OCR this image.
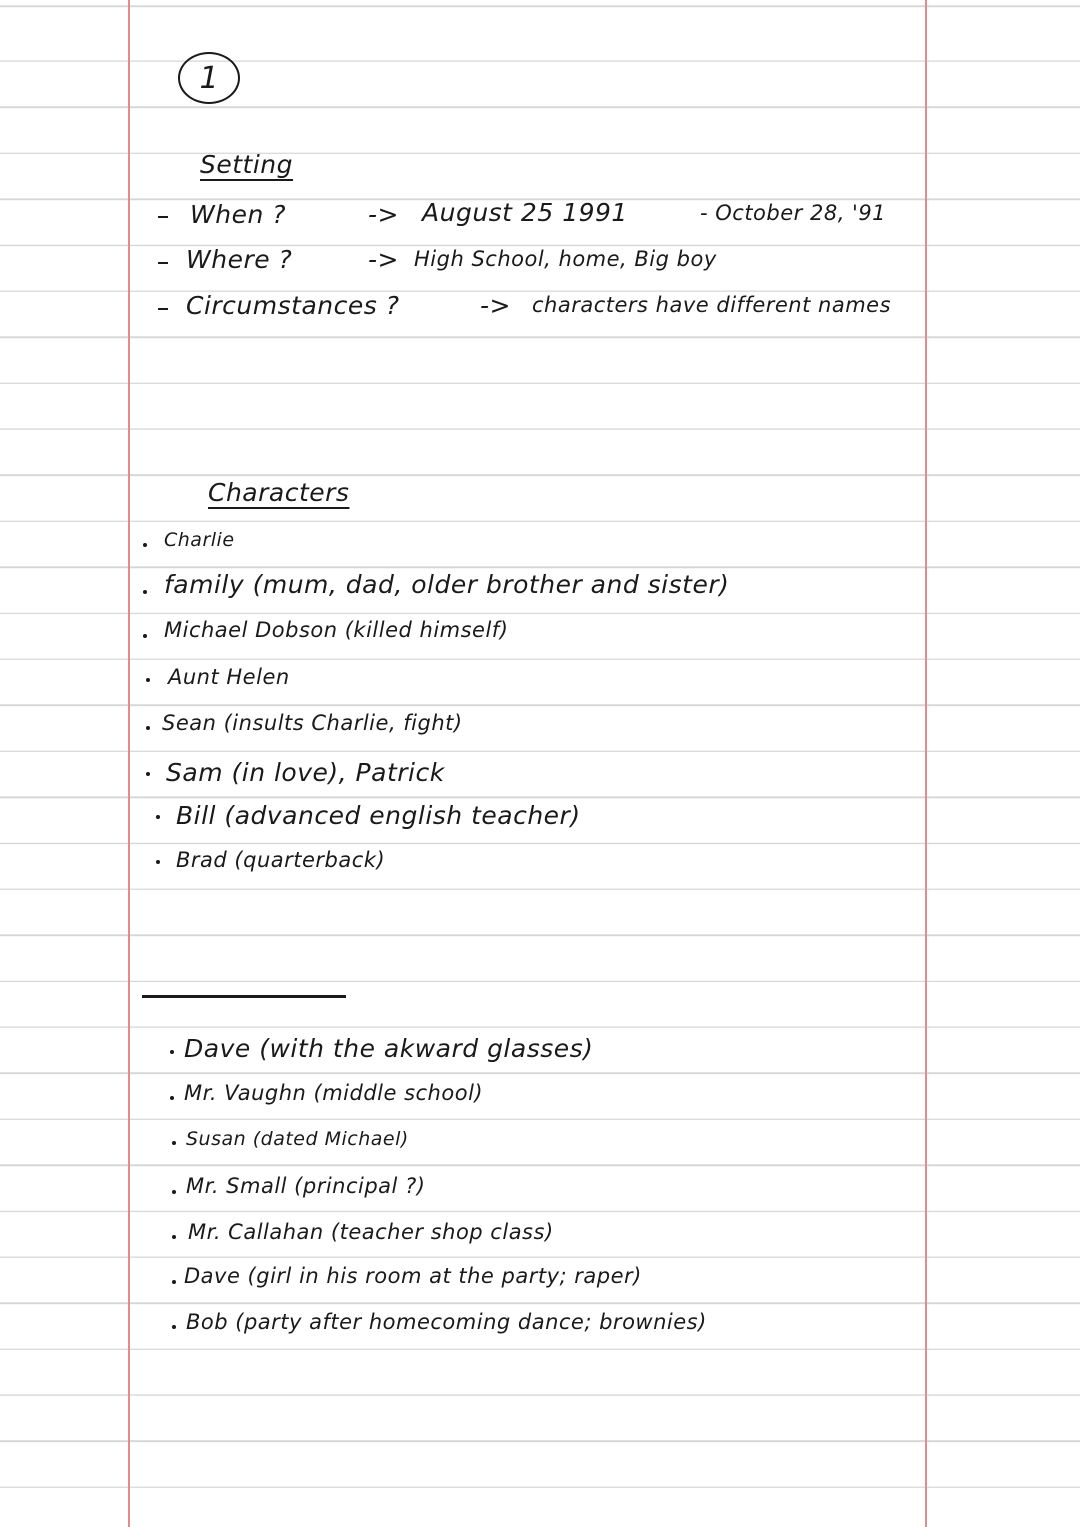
1
Setting
When ?	-> August 25 1991	- October 28, '91
Where ?	-> High School, home, Big boy
Circumstances ?	-> characters have different names
Characters
Charlie
family (mum, dad, older brother and sister)
Michael Dobson (killed himself)
Aunt Helen
Sean (insults Charlie, fight)
Sam (in love), Patrick
Bill (advanced english teacher)
Brad (quarterback)
Dave (with the akward glasses)
Mr. Vaughn (middle school)
Susan (dated Michael)
Mr. Small (principal ?)
Mr. Callahan (teacher shop class)
Dave (girl in his room at the party; raper)
Bob (party after homecoming dance; brownies)
